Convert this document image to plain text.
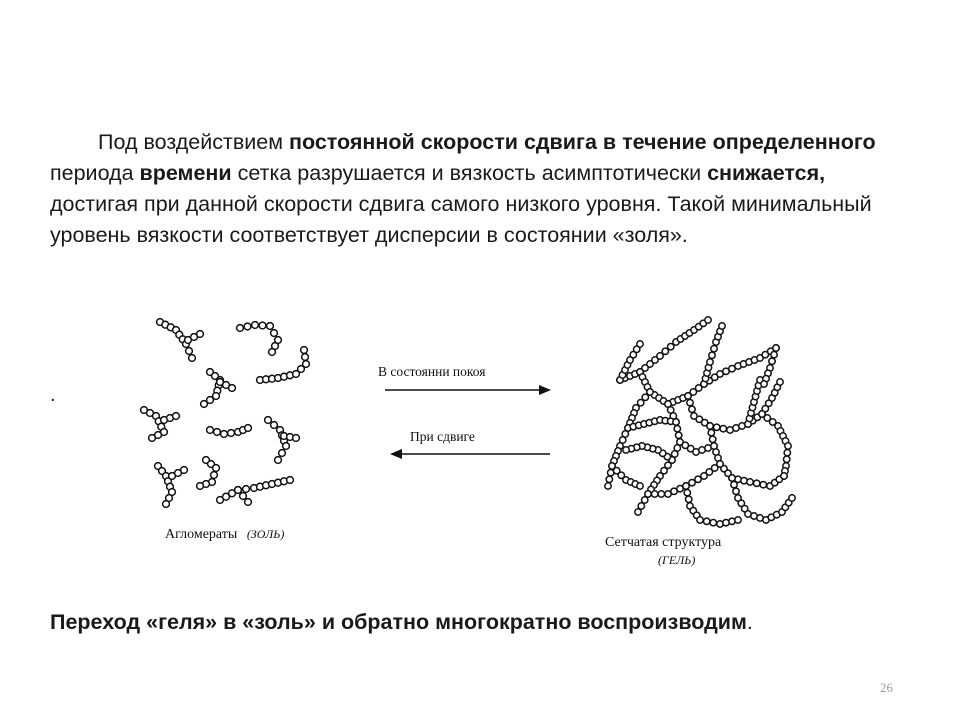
Под воздействием постоянной скорости сдвига в течение определенного периода времени сетка разрушается и вязкость асимптотически снижается, достигая при данной скорости сдвига самого низкого уровня. Такой минимальный уровень вязкости соответствует дисперсии в состоянии «золя».

.
В состоянни покоя
При сдвиге
Агломераты (ЗОЛЬ)
Сетчатая структура
(ГЕЛЬ)

Переход «геля» в «золь» и обратно многократно воспроизводим.

26
